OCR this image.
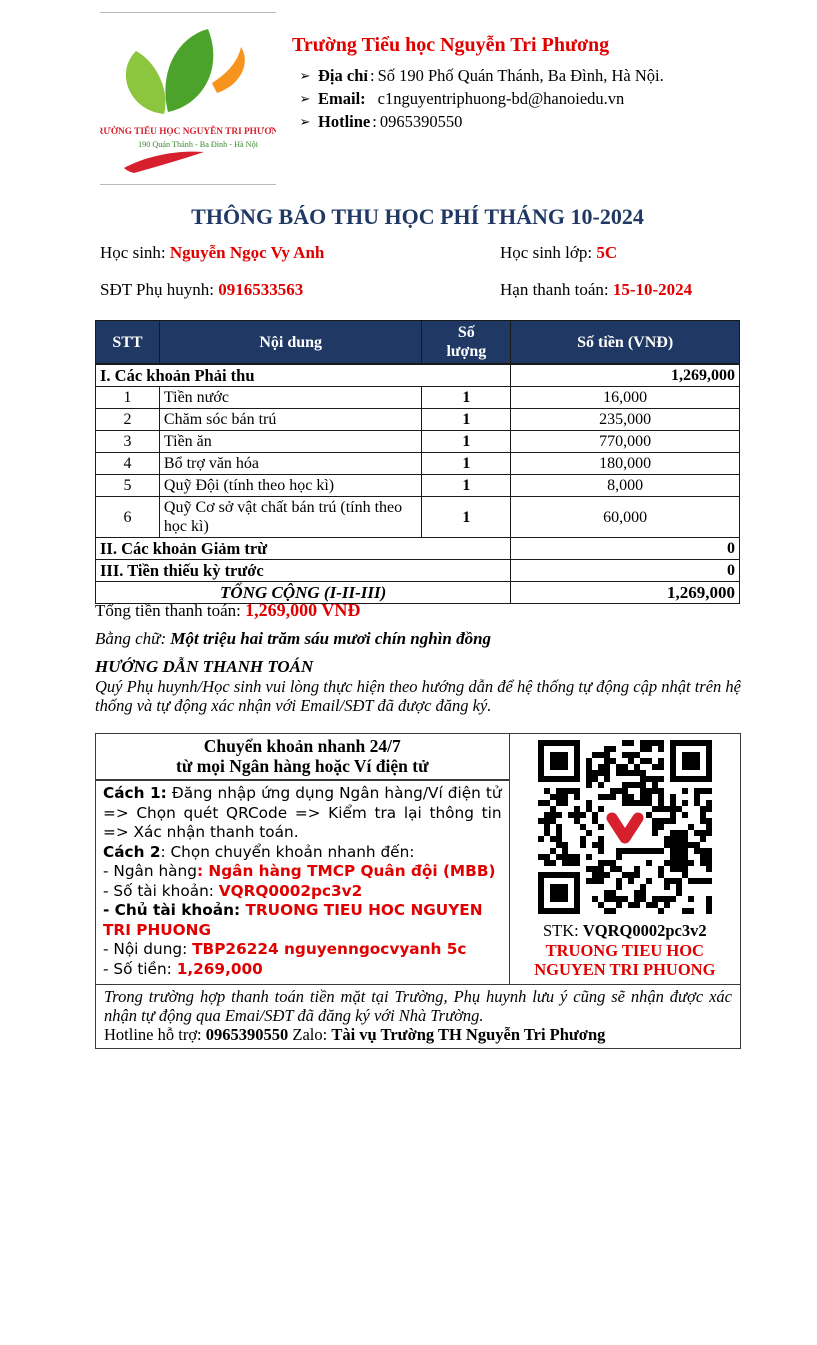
TRƯỜNG TIỂU HỌC NGUYỄN TRI PHƯƠNG
190 Quán Thánh - Ba Đình - Hà Nội
Trường Tiểu học Nguyễn Tri Phương
➢ Địa chỉ : Số 190 Phố Quán Thánh, Ba Đình, Hà Nội.
➢ Email: c1nguyentriphuong-bd@hanoiedu.vn
➢ Hotline : 0965390550
THÔNG BÁO THU HỌC PHÍ THÁNG 10-2024
Học sinh: Nguyễn Ngọc Vy Anh	Học sinh lớp: 5C
SĐT Phụ huynh: 0916533563	Hạn thanh toán: 15-10-2024
STT	Nội dung	Số lượng	Số tiền (VNĐ)
I. Các khoản Phải thu			1,269,000
1	Tiền nước	1	16,000
2	Chăm sóc bán trú	1	235,000
3	Tiền ăn	1	770,000
4	Bổ trợ văn hóa	1	180,000
5	Quỹ Đội (tính theo học kì)	1	8,000
6	Quỹ Cơ sở vật chất bán trú (tính theo học kì)	1	60,000
II. Các khoản Giảm trừ			0
III. Tiền thiếu kỳ trước			0
TỔNG CỘNG (I-II-III)			1,269,000
Tổng tiền thanh toán: 1,269,000 VNĐ
Bằng chữ: Một triệu hai trăm sáu mươi chín nghìn đồng
HƯỚNG DẪN THANH TOÁN
Quý Phụ huynh/Học sinh vui lòng thực hiện theo hướng dẫn để hệ thống tự động cập nhật trên hệ thống và tự động xác nhận với Email/SĐT đã được đăng ký.
Chuyển khoản nhanh 24/7
từ mọi Ngân hàng hoặc Ví điện tử

STK: VQRQ0002pc3v2
TRUONG TIEU HOC
NGUYEN TRI PHUONG

Cách 1: Đăng nhập ứng dụng Ngân hàng/Ví điện tử => Chọn quét QRCode => Kiểm tra lại thông tin => Xác nhận thanh toán.

Cách 2: Chọn chuyển khoản nhanh đến:

- Ngân hàng: Ngân hàng TMCP Quân đội (MBB)

- Số tài khoản: VQRQ0002pc3v2

- Chủ tài khoản: TRUONG TIEU HOC NGUYEN TRI PHUONG

- Nội dung: TBP26224 nguyenngocvyanh 5c

- Số tiền: 1,269,000

Trong trường hợp thanh toán tiền mặt tại Trường, Phụ huynh lưu ý cũng sẽ nhận được xác nhận tự động qua Emai/SĐT đã đăng ký với Nhà Trường.
Hotline hỗ trợ: 0965390550 Zalo: Tài vụ Trường TH Nguyễn Tri Phương
